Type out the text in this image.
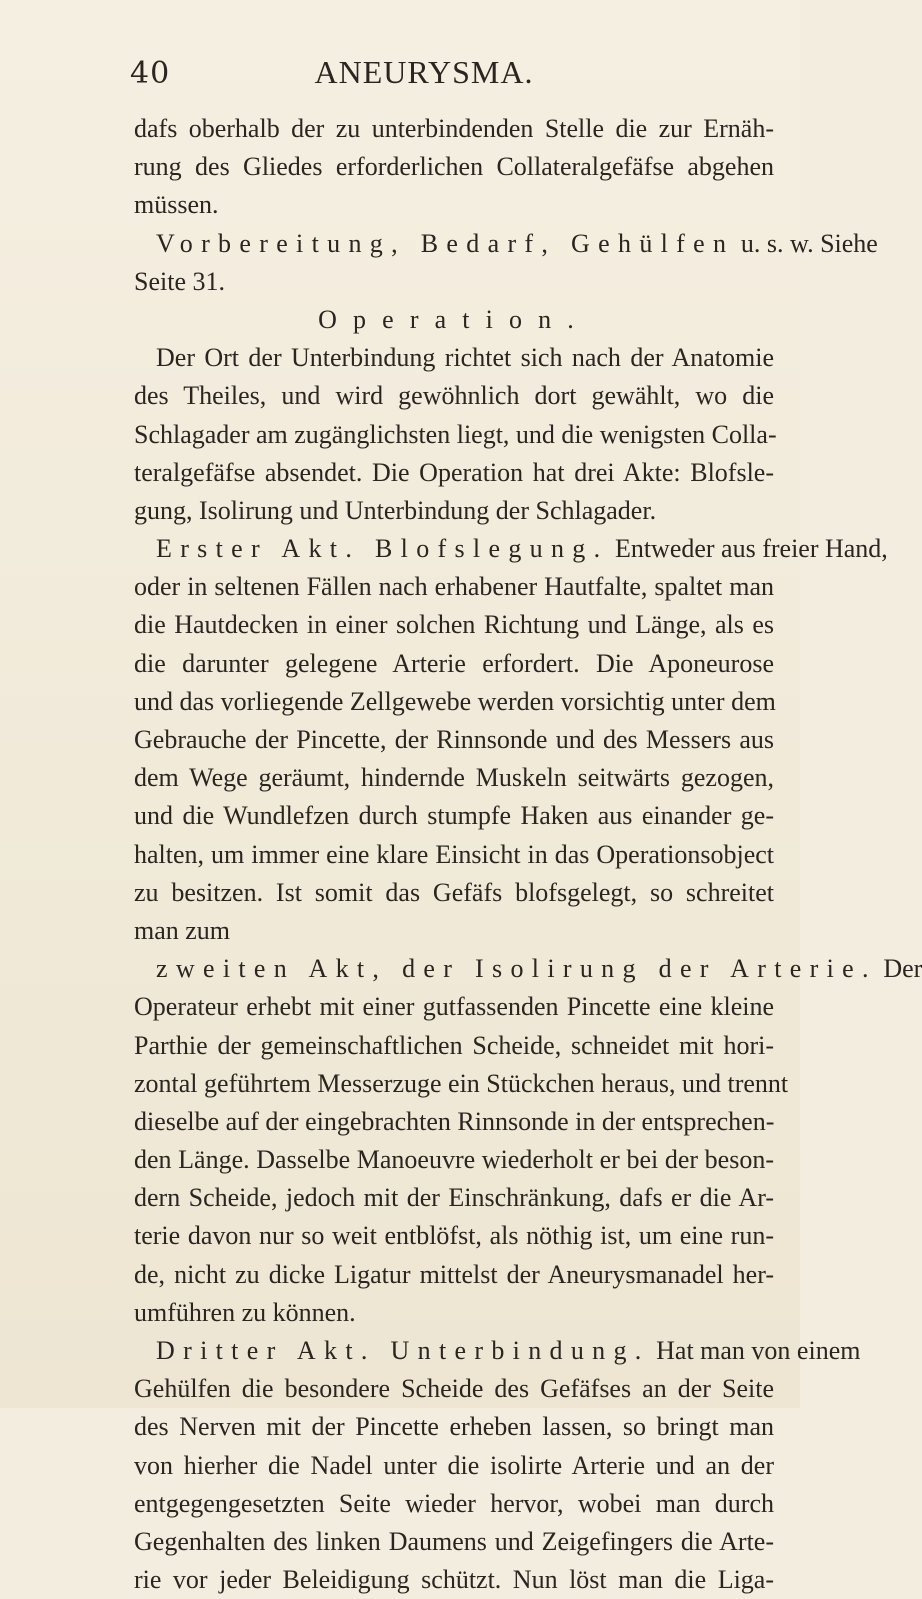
40	ANEURYSMA.
dafs oberhalb der zu unterbindenden Stelle die zur Ernäh-
rung des Gliedes erforderlichen Collateralgefäfse abgehen
müssen.
Vorbereitung, Bedarf, Gehülfen u. s. w. Siehe
Seite 31.
Operation.
Der Ort der Unterbindung richtet sich nach der Anatomie
des Theiles, und wird gewöhnlich dort gewählt, wo die
Schlagader am zugänglichsten liegt, und die wenigsten Colla-
teralgefäfse absendet. Die Operation hat drei Akte: Blofsle-
gung, Isolirung und Unterbindung der Schlagader.
Erster Akt. Blofslegung. Entweder aus freier Hand,
oder in seltenen Fällen nach erhabener Hautfalte, spaltet man
die Hautdecken in einer solchen Richtung und Länge, als es
die darunter gelegene Arterie erfordert. Die Aponeurose
und das vorliegende Zellgewebe werden vorsichtig unter dem
Gebrauche der Pincette, der Rinnsonde und des Messers aus
dem Wege geräumt, hindernde Muskeln seitwärts gezogen,
und die Wundlefzen durch stumpfe Haken aus einander ge-
halten, um immer eine klare Einsicht in das Operationsobject
zu besitzen. Ist somit das Gefäfs blofsgelegt, so schreitet
man zum
zweiten Akt, der Isolirung der Arterie. Der
Operateur erhebt mit einer gutfassenden Pincette eine kleine
Parthie der gemeinschaftlichen Scheide, schneidet mit hori-
zontal geführtem Messerzuge ein Stückchen heraus, und trennt
dieselbe auf der eingebrachten Rinnsonde in der entsprechen-
den Länge. Dasselbe Manoeuvre wiederholt er bei der beson-
dern Scheide, jedoch mit der Einschränkung, dafs er die Ar-
terie davon nur so weit entblöfst, als nöthig ist, um eine run-
de, nicht zu dicke Ligatur mittelst der Aneurysmanadel her-
umführen zu können.
Dritter Akt. Unterbindung. Hat man von einem
Gehülfen die besondere Scheide des Gefäfses an der Seite
des Nerven mit der Pincette erheben lassen, so bringt man
von hierher die Nadel unter die isolirte Arterie und an der
entgegengesetzten Seite wieder hervor, wobei man durch
Gegenhalten des linken Daumens und Zeigefingers die Arte-
rie vor jeder Beleidigung schützt. Nun löst man die Liga-
